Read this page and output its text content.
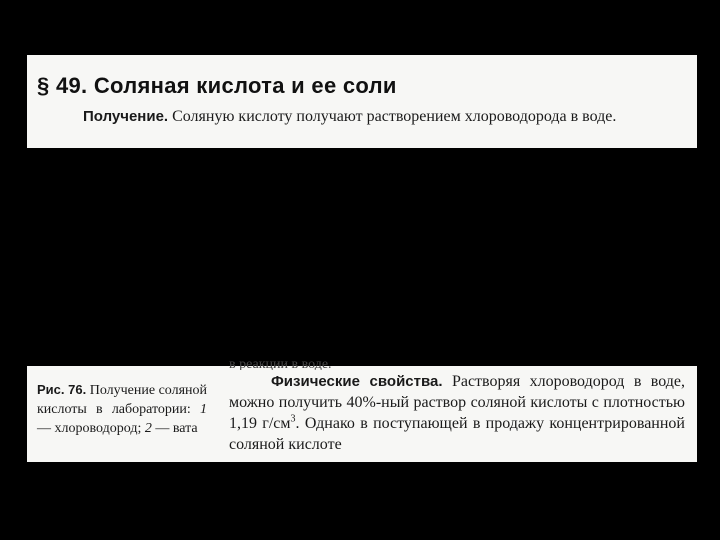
§ 49. Соляная кислота и ее соли
Получение. Соляную кислоту получают растворением хлороводорода в воде.
в реакции в воде.
Рис. 76. Получение соляной кислоты в лаборатории: 1 — хлороводород; 2 — вата
Физические свойства. Растворяя хлороводород в воде, можно получить 40%-ный раствор соляной кислоты с плотностью 1,19 $г/см^3$. Однако в поступающей в продажу концентрированной соляной кислоте
